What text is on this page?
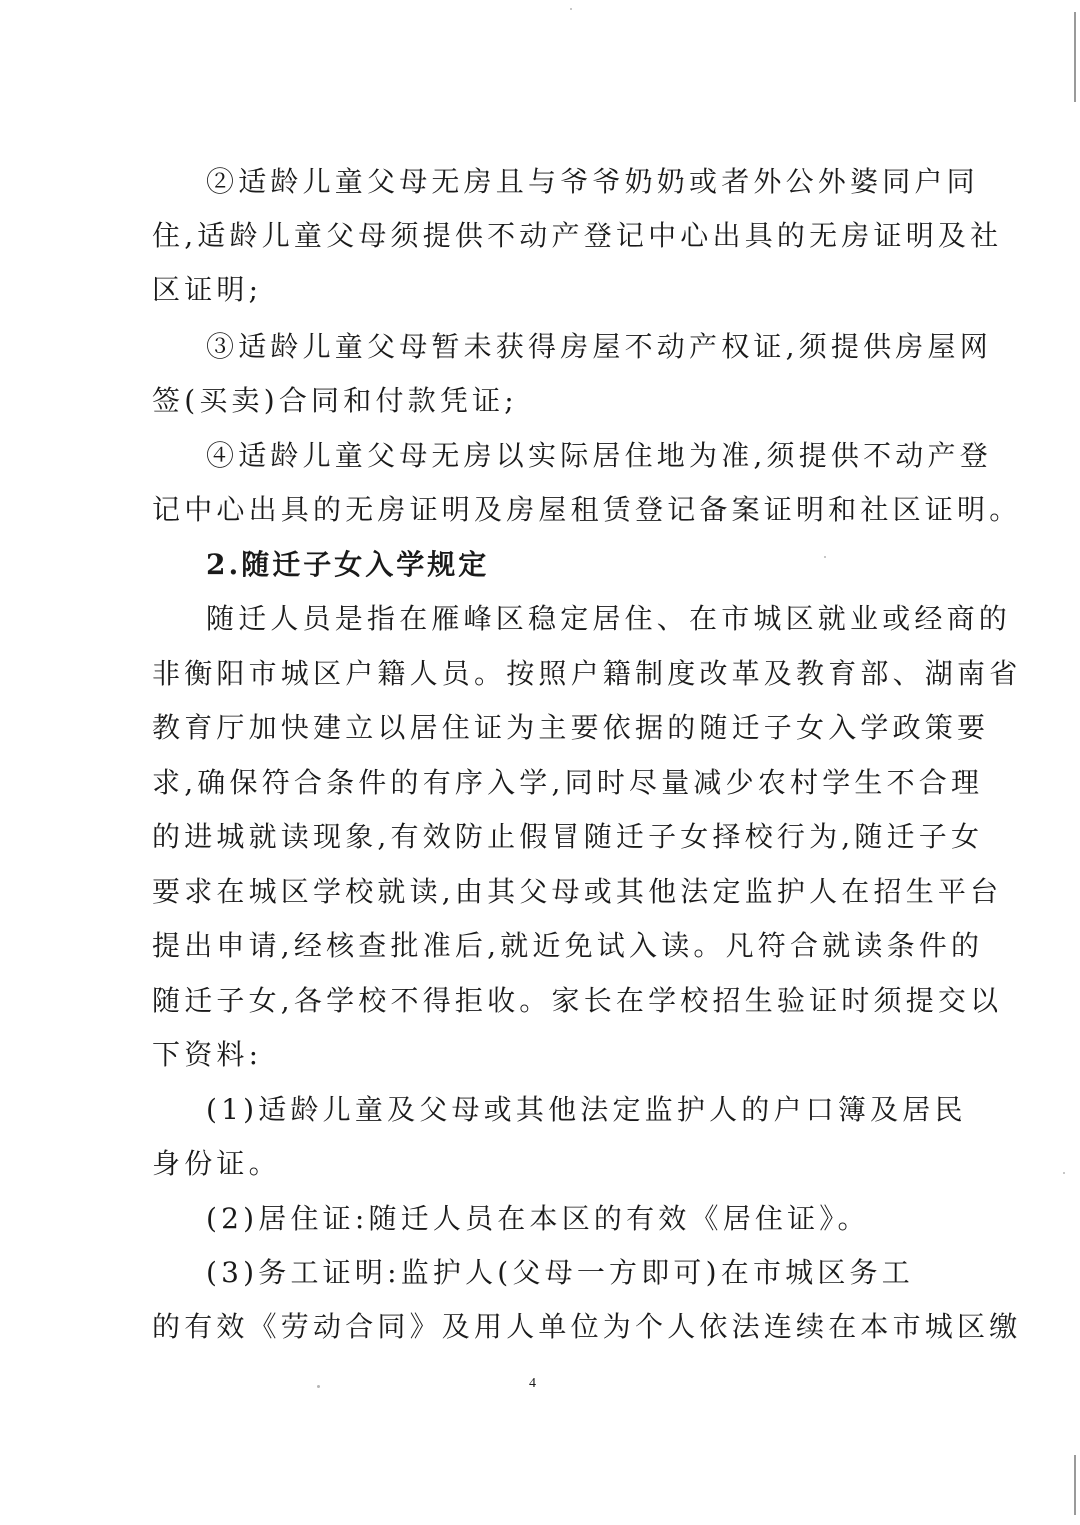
②适龄儿童父母无房且与爷爷奶奶或者外公外婆同户同
住,适龄儿童父母须提供不动产登记中心出具的无房证明及社
区证明;
③适龄儿童父母暂未获得房屋不动产权证,须提供房屋网
签(买卖)合同和付款凭证;
④适龄儿童父母无房以实际居住地为准,须提供不动产登
记中心出具的无房证明及房屋租赁登记备案证明和社区证明。
2.随迁子女入学规定
随迁人员是指在雁峰区稳定居住、在市城区就业或经商的
非衡阳市城区户籍人员。按照户籍制度改革及教育部、湖南省
教育厅加快建立以居住证为主要依据的随迁子女入学政策要
求,确保符合条件的有序入学,同时尽量减少农村学生不合理
的进城就读现象,有效防止假冒随迁子女择校行为,随迁子女
要求在城区学校就读,由其父母或其他法定监护人在招生平台
提出申请,经核查批准后,就近免试入读。凡符合就读条件的
随迁子女,各学校不得拒收。家长在学校招生验证时须提交以
下资料:
(1)适龄儿童及父母或其他法定监护人的户口簿及居民
身份证。
(2)居住证:随迁人员在本区的有效《居住证》。
(3)务工证明:监护人(父母一方即可)在市城区务工
的有效《劳动合同》及用人单位为个人依法连续在本市城区缴
4
